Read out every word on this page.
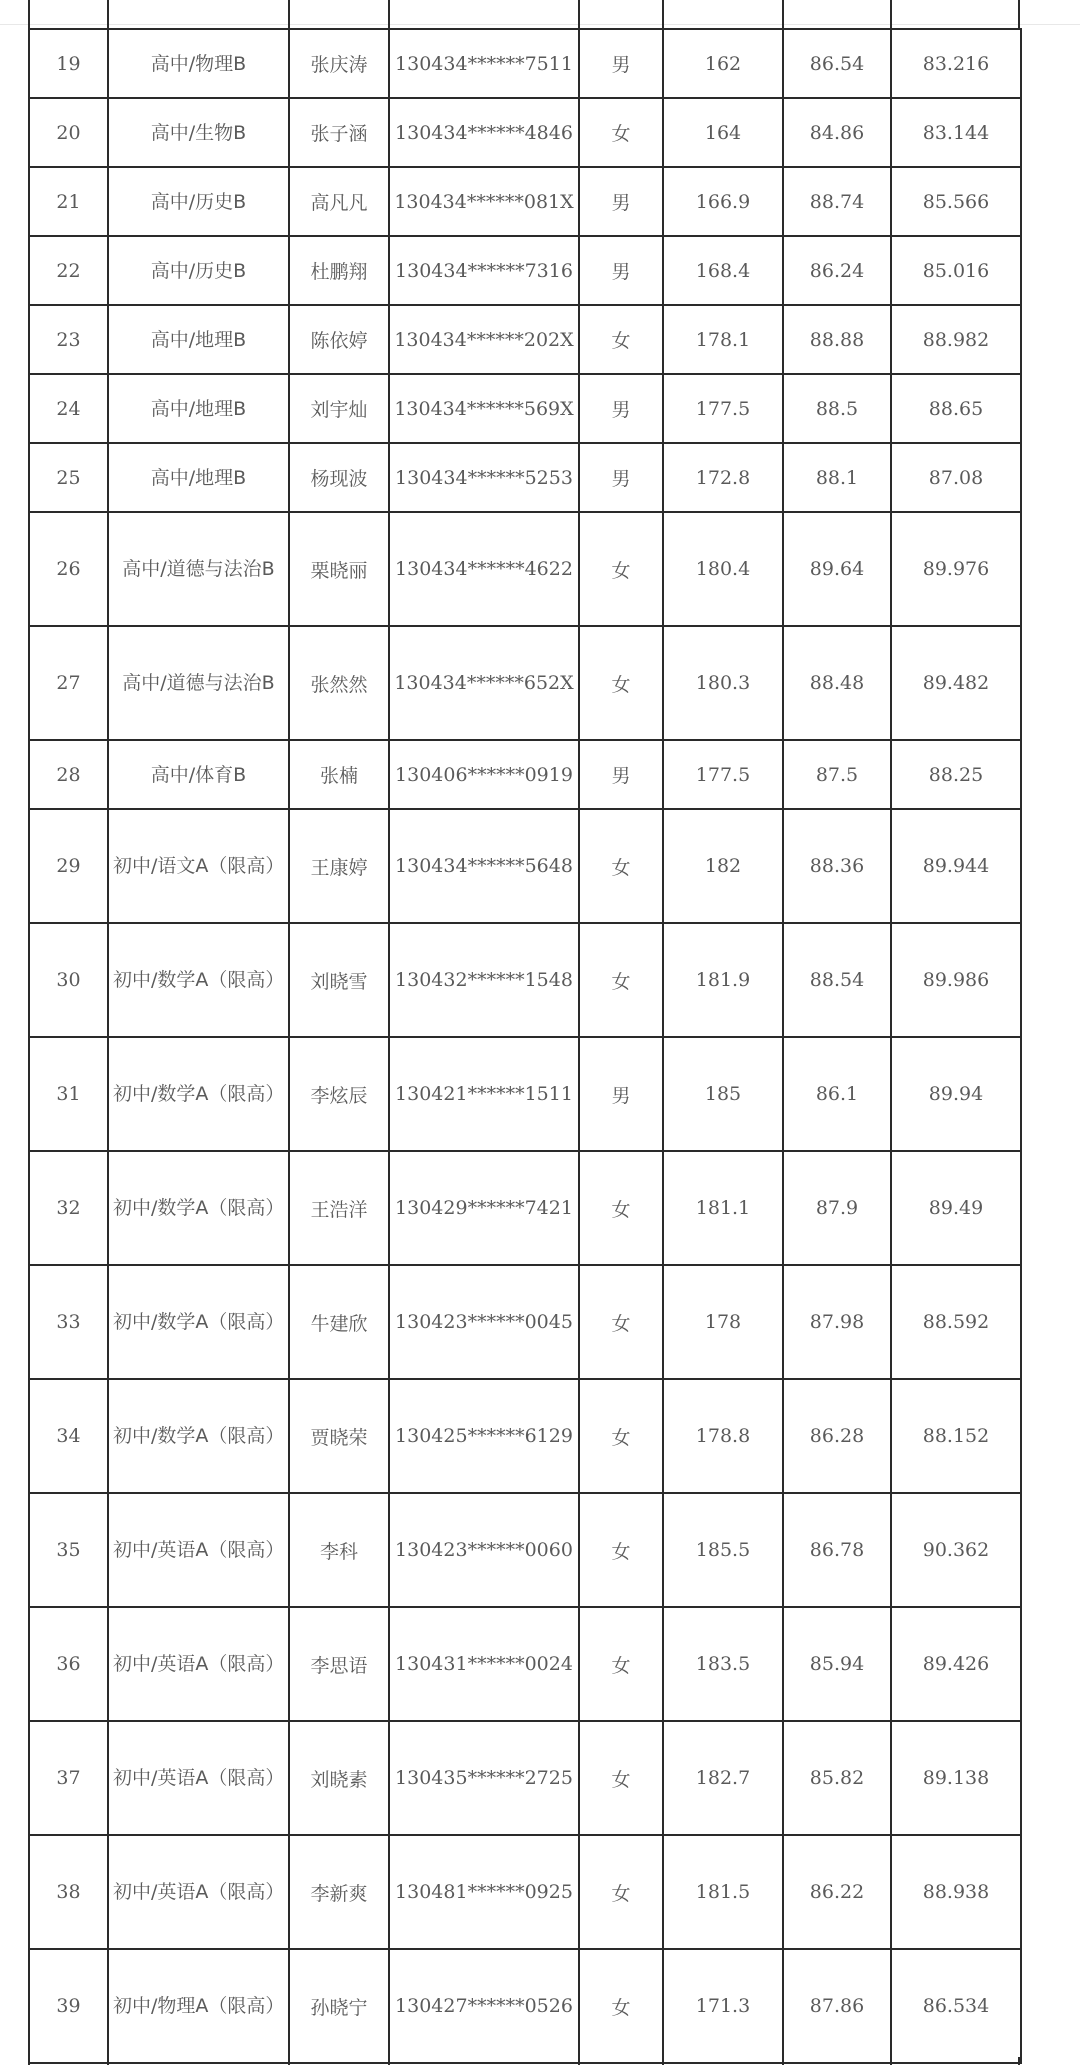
19	高中/物理B	张庆涛	130434******7511	男	162	86.54	83.216
20	高中/生物B	张子涵	130434******4846	女	164	84.86	83.144
21	高中/历史B	高凡凡	130434******081X	男	166.9	88.74	85.566
22	高中/历史B	杜鹏翔	130434******7316	男	168.4	86.24	85.016
23	高中/地理B	陈依婷	130434******202X	女	178.1	88.88	88.982
24	高中/地理B	刘宇灿	130434******569X	男	177.5	88.5	88.65
25	高中/地理B	杨现波	130434******5253	男	172.8	88.1	87.08
26	高中/道德与法治B	栗晓丽	130434******4622	女	180.4	89.64	89.976
27	高中/道德与法治B	张然然	130434******652X	女	180.3	88.48	89.482
28	高中/体育B	张楠	130406******0919	男	177.5	87.5	88.25
29	初中/语文A（限高）	王康婷	130434******5648	女	182	88.36	89.944
30	初中/数学A（限高）	刘晓雪	130432******1548	女	181.9	88.54	89.986
31	初中/数学A（限高）	李炫辰	130421******1511	男	185	86.1	89.94
32	初中/数学A（限高）	王浩洋	130429******7421	女	181.1	87.9	89.49
33	初中/数学A（限高）	牛建欣	130423******0045	女	178	87.98	88.592
34	初中/数学A（限高）	贾晓荣	130425******6129	女	178.8	86.28	88.152
35	初中/英语A（限高）	李科	130423******0060	女	185.5	86.78	90.362
36	初中/英语A（限高）	李思语	130431******0024	女	183.5	85.94	89.426
37	初中/英语A（限高）	刘晓素	130435******2725	女	182.7	85.82	89.138
38	初中/英语A（限高）	李新爽	130481******0925	女	181.5	86.22	88.938
39	初中/物理A（限高）	孙晓宁	130427******0526	女	171.3	87.86	86.534
